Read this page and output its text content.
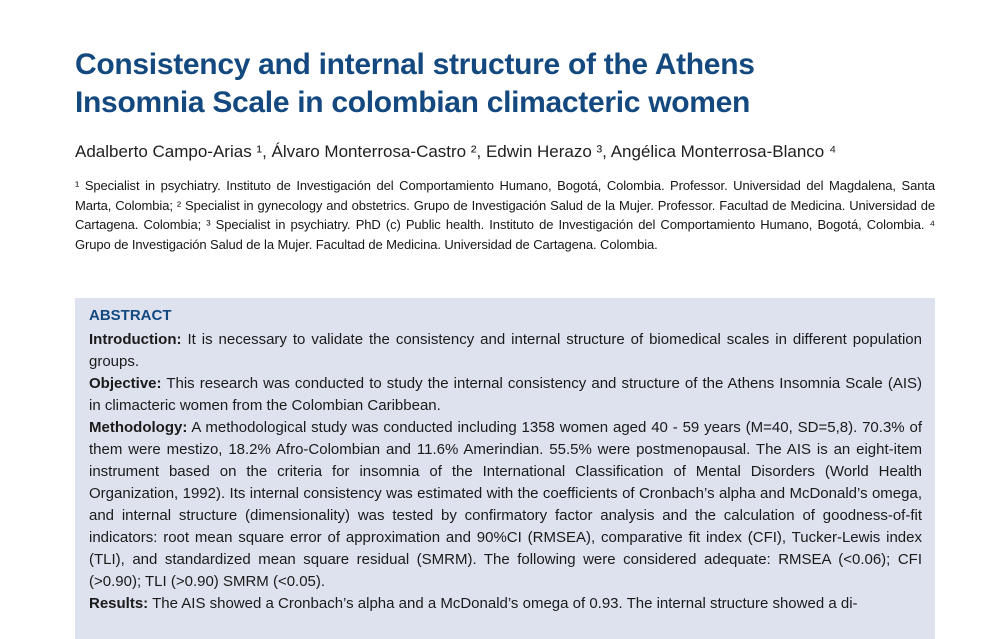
Consistency and internal structure of the Athens
Insomnia Scale in colombian climacteric women

Adalberto Campo-Arias ¹, Álvaro Monterrosa-Castro ², Edwin Herazo ³, Angélica Monterrosa-Blanco ⁴

¹ Specialist in psychiatry. Instituto de Investigación del Comportamiento Humano, Bogotá, Colombia. Professor. Universidad del Magdalena, Santa Marta, Colombia; ² Specialist in gynecology and obstetrics. Grupo de Investigación Salud de la Mujer. Professor. Facultad de Medicina. Universidad de Cartagena. Colombia; ³ Specialist in psychiatry. PhD (c) Public health. Instituto de Investigación del Comportamiento Humano, Bogotá, Colombia. ⁴ Grupo de Investigación Salud de la Mujer. Facultad de Medicina. Universidad de Cartagena. Colombia.

ABSTRACT

Introduction: It is necessary to validate the consistency and internal structure of biomedical scales in different population groups.

Objective: This research was conducted to study the internal consistency and structure of the Athens Insomnia Scale (AIS) in climacteric women from the Colombian Caribbean.

Methodology: A methodological study was conducted including 1358 women aged 40 - 59 years (M=40, SD=5,8). 70.3% of them were mestizo, 18.2% Afro-Colombian and 11.6% Amerindian. 55.5% were postmenopausal. The AIS is an eight-item instrument based on the criteria for insomnia of the International Classification of Mental Disorders (World Health Organization, 1992). Its internal consistency was estimated with the coefficients of Cronbach’s alpha and McDonald’s omega, and internal structure (dimensionality) was tested by confirmatory factor analysis and the calculation of goodness-of-fit indicators: root mean square error of approximation and 90%CI (RMSEA), comparative fit index (CFI), Tucker-Lewis index (TLI), and standardized mean square residual (SMRM). The following were considered adequate: RMSEA (<0.06); CFI (>0.90); TLI (>0.90) SMRM (<0.05).

Results: The AIS showed a Cronbach’s alpha and a McDonald’s omega of 0.93. The internal structure showed a di-
